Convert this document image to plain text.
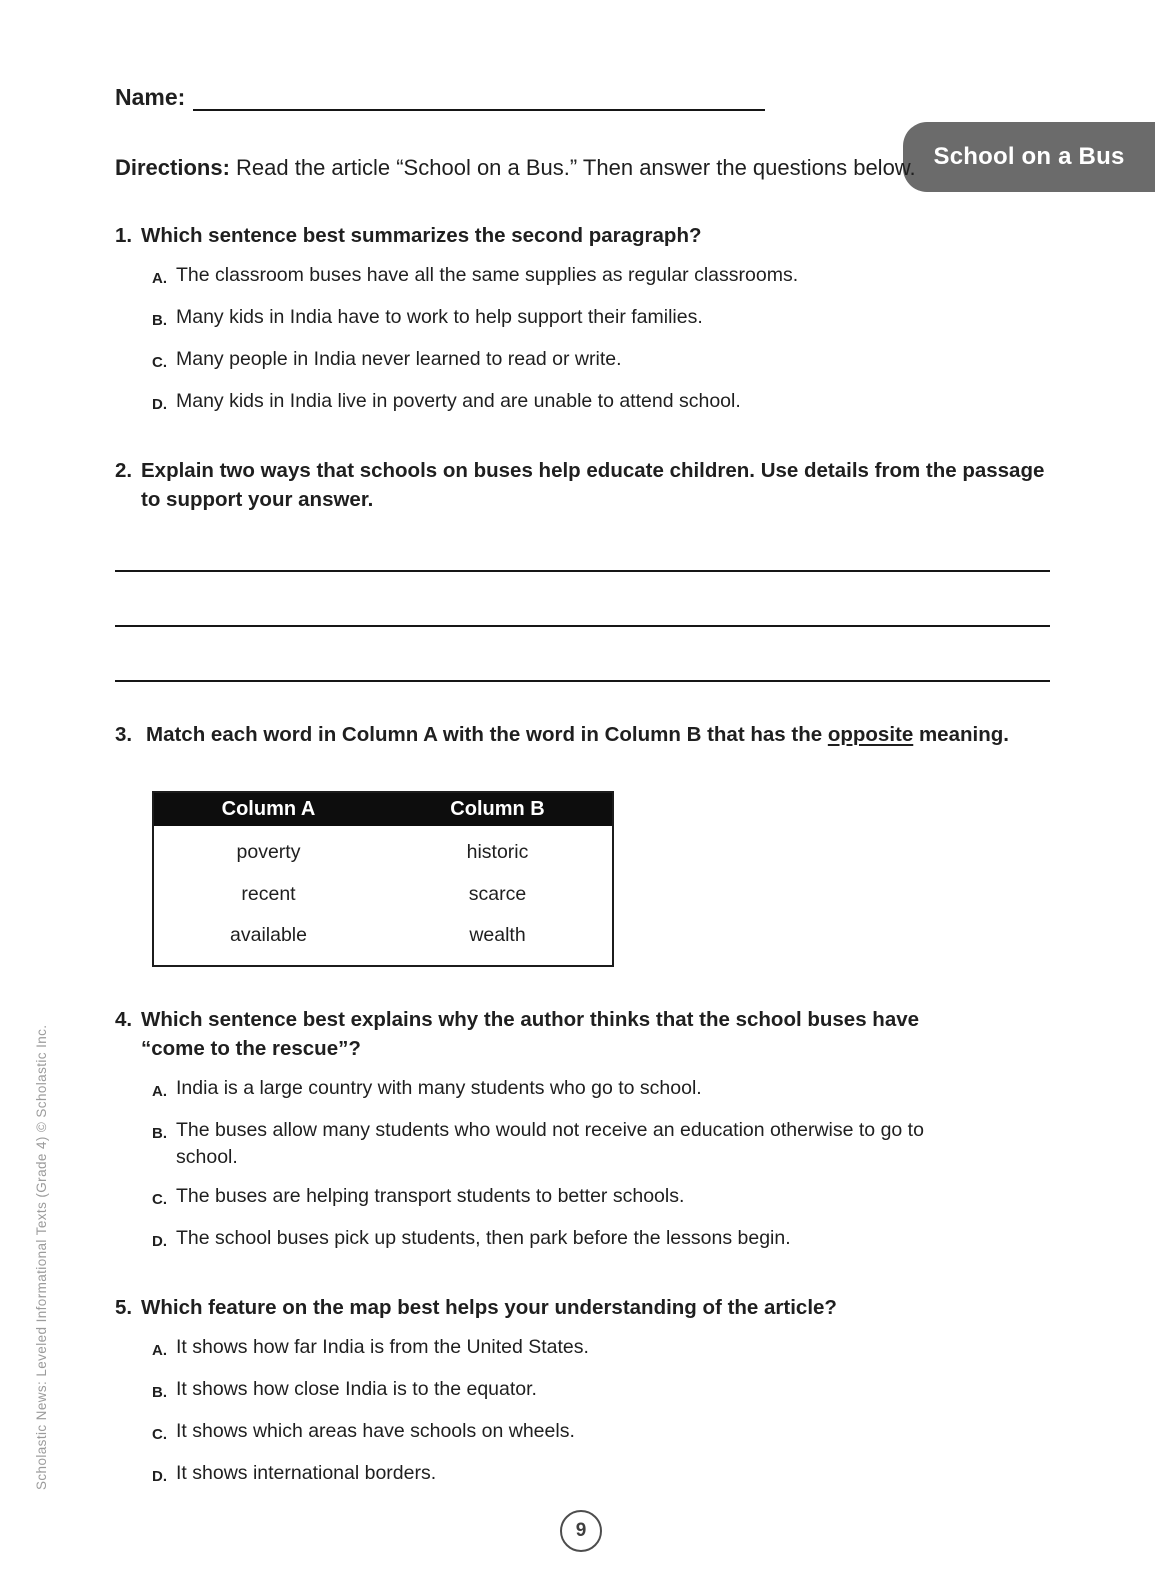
School on a Bus
Scholastic News: Leveled Informational Texts (Grade 4) © Scholastic Inc.
Name:
Directions: Read the article “School on a Bus.” Then answer the questions below.
1. Which sentence best summarizes the second paragraph?
A. The classroom buses have all the same supplies as regular classrooms.
B. Many kids in India have to work to help support their families.
C. Many people in India never learned to read or write.
D. Many kids in India live in poverty and are unable to attend school.
2. Explain two ways that schools on buses help educate children. Use details from the passage to support your answer.
3. Match each word in Column A with the word in Column B that has the opposite meaning.
Column A	Column B
poverty	historic
recent	scarce
available	wealth
4. Which sentence best explains why the author thinks that the school buses have “come to the rescue”?
A. India is a large country with many students who go to school.
B. The buses allow many students who would not receive an education otherwise to go to school.
C. The buses are helping transport students to better schools.
D. The school buses pick up students, then park before the lessons begin.
5. Which feature on the map best helps your understanding of the article?
A. It shows how far India is from the United States.
B. It shows how close India is to the equator.
C. It shows which areas have schools on wheels.
D. It shows international borders.
9
